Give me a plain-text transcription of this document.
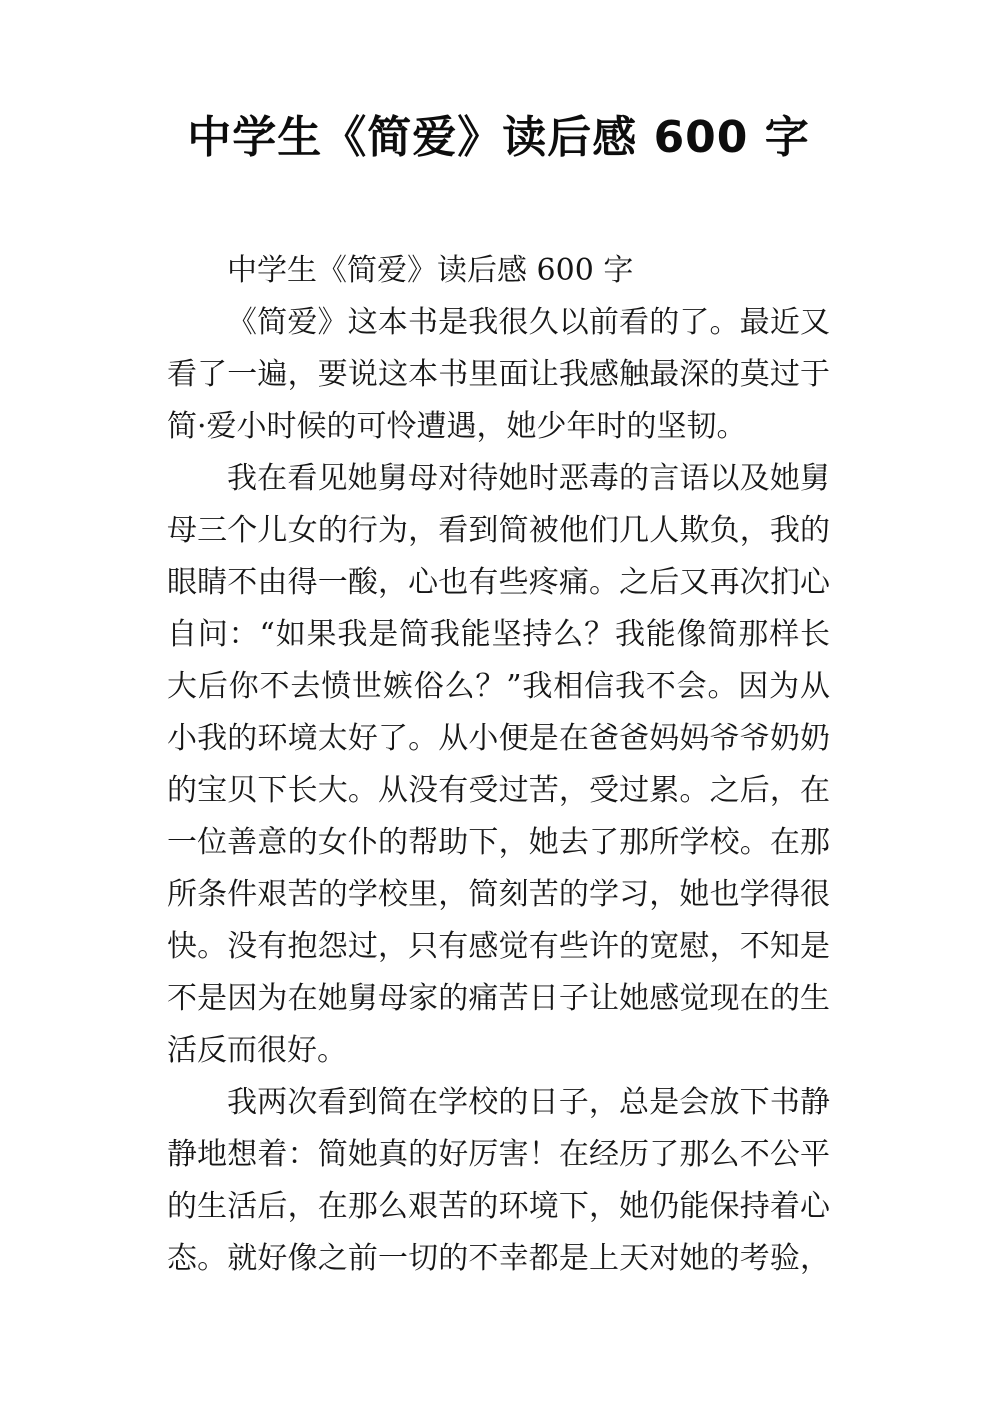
中学生《简爱》读后感 600 字

中学生《简爱》读后感 600 字

《简爱》这本书是我很久以前看的了。最近又
看了一遍，要说这本书里面让我感触最深的莫过于
简·爱小时候的可怜遭遇，她少年时的坚韧。

我在看见她舅母对待她时恶毒的言语以及她舅
母三个儿女的行为，看到简被他们几人欺负，我的
眼睛不由得一酸，心也有些疼痛。之后又再次扪心
自问：“如果我是简我能坚持么？我能像简那样长
大后你不去愤世嫉俗么？”我相信我不会。因为从
小我的环境太好了。从小便是在爸爸妈妈爷爷奶奶
的宝贝下长大。从没有受过苦，受过累。之后，在
一位善意的女仆的帮助下，她去了那所学校。在那
所条件艰苦的学校里，简刻苦的学习，她也学得很
快。没有抱怨过，只有感觉有些许的宽慰，不知是
不是因为在她舅母家的痛苦日子让她感觉现在的生
活反而很好。

我两次看到简在学校的日子，总是会放下书静
静地想着：简她真的好厉害！在经历了那么不公平
的生活后，在那么艰苦的环境下，她仍能保持着心
态。就好像之前一切的不幸都是上天对她的考验，
